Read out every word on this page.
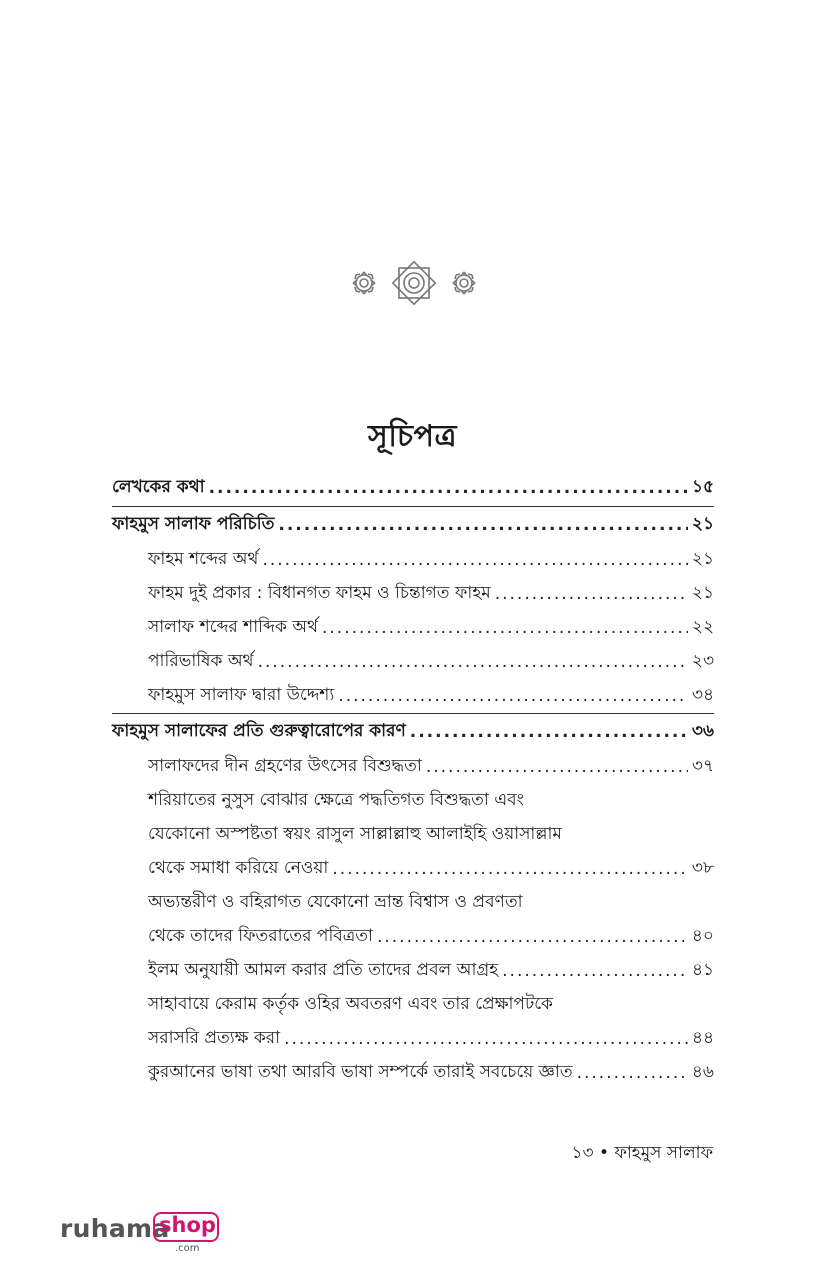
সূচিপত্র
লেখকের কথা .....	১৫
ফাহমুস সালাফ পরিচিতি .....	২১
ফাহম শব্দের অর্থ .....	২১
ফাহম দুই প্রকার : বিধানগত ফাহম ও চিন্তাগত ফাহম .....	২১
সালাফ শব্দের শাব্দিক অর্থ .....	২২
পারিভাষিক অর্থ .....	২৩
ফাহমুস সালাফ দ্বারা উদ্দেশ্য .....	৩৪
ফাহমুস সালাফের প্রতি গুরুত্বারোপের কারণ .....	৩৬
সালাফদের দীন গ্রহণের উৎসের বিশুদ্ধতা .....	৩৭
শরিয়াতের নুসুস বোঝার ক্ষেত্রে পদ্ধতিগত বিশুদ্ধতা এবং
যেকোনো অস্পষ্টতা স্বয়ং রাসুল সাল্লাল্লাহু আলাইহি ওয়াসাল্লাম
থেকে সমাধা করিয়ে নেওয়া .....	৩৮
অভ্যন্তরীণ ও বহিরাগত যেকোনো ভ্রান্ত বিশ্বাস ও প্রবণতা
থেকে তাদের ফিতরাতের পবিত্রতা .....	৪০
ইলম অনুযায়ী আমল করার প্রতি তাদের প্রবল আগ্রহ .....	৪১
সাহাবায়ে কেরাম কর্তৃক ওহির অবতরণ এবং তার প্রেক্ষাপটকে
সরাসরি প্রত্যক্ষ করা .....	৪৪
কুরআনের ভাষা তথা আরবি ভাষা সম্পর্কে তারাই সবচেয়ে জ্ঞাত .....	৪৬
১৩ • ফাহমুস সালাফ
ruhama
shop
.com
